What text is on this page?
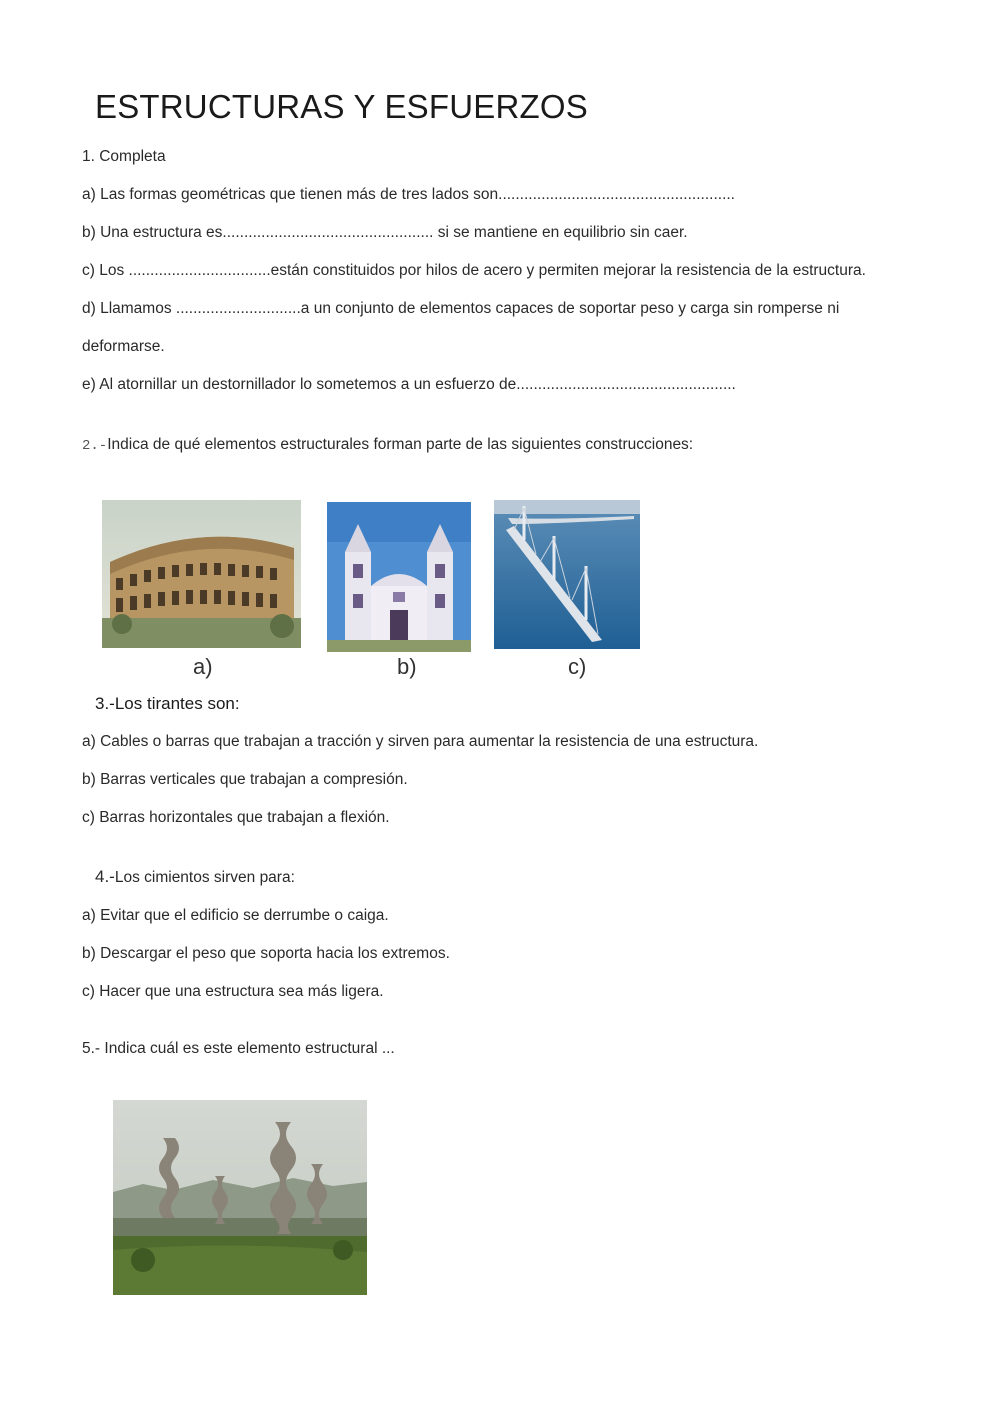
ESTRUCTURAS Y ESFUERZOS
1. Completa
a) Las formas geométricas que tienen más de tres lados son.......................................................
b) Una estructura es................................................. si se mantiene en equilibrio sin caer.
c) Los .................................están constituidos por hilos de acero y permiten mejorar la resistencia de la estructura.
d) Llamamos .............................a un conjunto de elementos capaces de soportar peso y carga sin romperse ni
deformarse.
e) Al atornillar un destornillador lo sometemos a un esfuerzo de...................................................
2.-Indica de qué elementos estructurales forman parte de las siguientes construcciones:
a)	b)	c)
3.-Los tirantes son:
a) Cables o barras que trabajan a tracción y sirven para aumentar la resistencia de una estructura.
b) Barras verticales que trabajan a compresión.
c) Barras horizontales que trabajan a flexión.
4.-Los cimientos sirven para:
a) Evitar que el edificio se derrumbe o caiga.
b) Descargar el peso que soporta hacia los extremos.
c) Hacer que una estructura sea más ligera.
5.- Indica cuál es este elemento estructural ...
